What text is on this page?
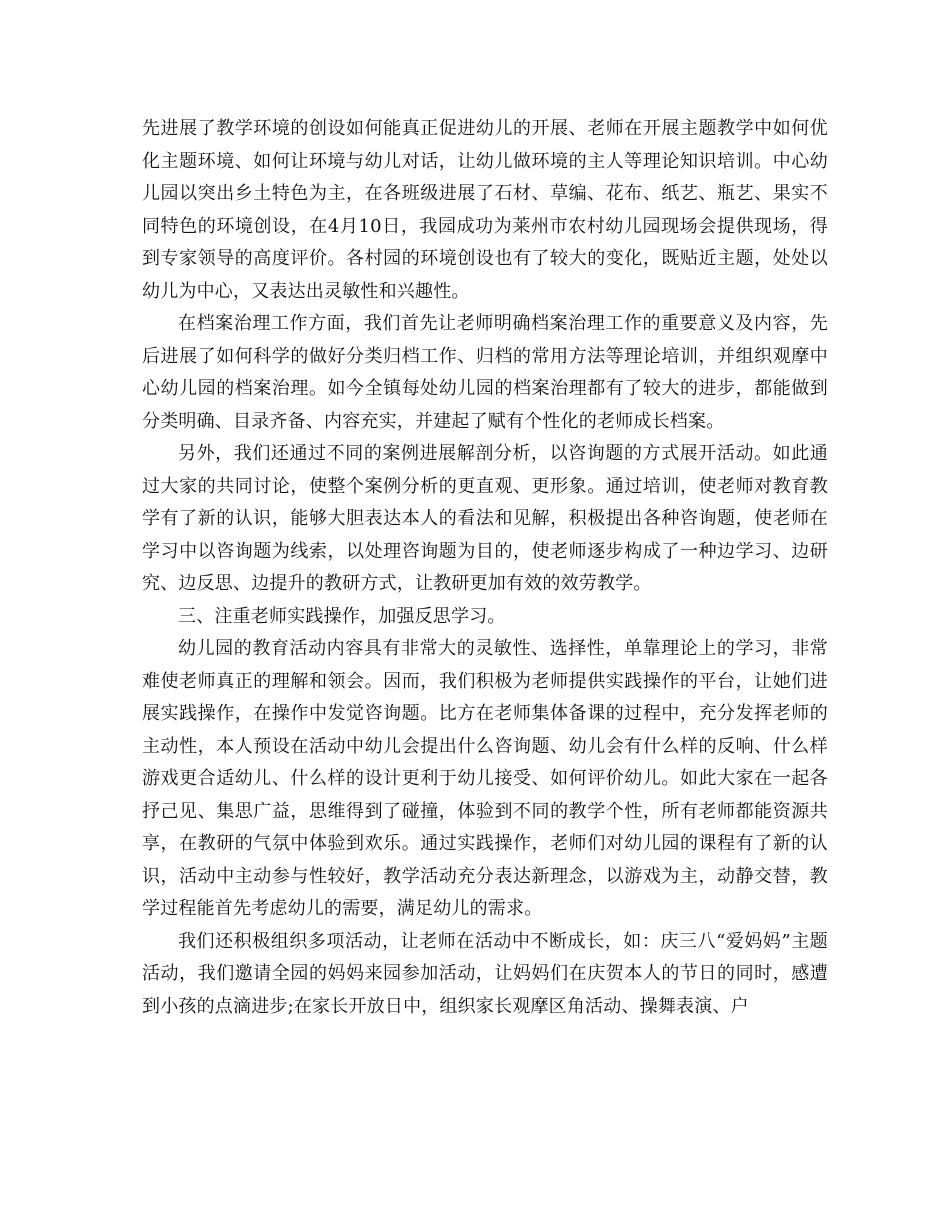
先进展了教学环境的创设如何能真正促进幼儿的开展、老师在开展主题教学中如何优化主题环境、如何让环境与幼儿对话，让幼儿做环境的主人等理论知识培训。中心幼儿园以突出乡土特色为主，在各班级进展了石材、草编、花布、纸艺、瓶艺、果实不同特色的环境创设，在4月10日，我园成功为莱州市农村幼儿园现场会提供现场，得到专家领导的高度评价。各村园的环境创设也有了较大的变化，既贴近主题，处处以幼儿为中心，又表达出灵敏性和兴趣性。

在档案治理工作方面，我们首先让老师明确档案治理工作的重要意义及内容，先后进展了如何科学的做好分类归档工作、归档的常用方法等理论培训，并组织观摩中心幼儿园的档案治理。如今全镇每处幼儿园的档案治理都有了较大的进步，都能做到分类明确、目录齐备、内容充实，并建起了赋有个性化的老师成长档案。

另外，我们还通过不同的案例进展解剖分析，以咨询题的方式展开活动。如此通过大家的共同讨论，使整个案例分析的更直观、更形象。通过培训，使老师对教育教学有了新的认识，能够大胆表达本人的看法和见解，积极提出各种咨询题，使老师在学习中以咨询题为线索，以处理咨询题为目的，使老师逐步构成了一种边学习、边研究、边反思、边提升的教研方式，让教研更加有效的效劳教学。

三、注重老师实践操作，加强反思学习。

幼儿园的教育活动内容具有非常大的灵敏性、选择性，单靠理论上的学习，非常难使老师真正的理解和领会。因而，我们积极为老师提供实践操作的平台，让她们进展实践操作，在操作中发觉咨询题。比方在老师集体备课的过程中，充分发挥老师的主动性，本人预设在活动中幼儿会提出什么咨询题、幼儿会有什么样的反响、什么样游戏更合适幼儿、什么样的设计更利于幼儿接受、如何评价幼儿。如此大家在一起各抒己见、集思广益，思维得到了碰撞，体验到不同的教学个性，所有老师都能资源共享，在教研的气氛中体验到欢乐。通过实践操作，老师们对幼儿园的课程有了新的认识，活动中主动参与性较好，教学活动充分表达新理念，以游戏为主，动静交替，教学过程能首先考虑幼儿的需要，满足幼儿的需求。

我们还积极组织多项活动，让老师在活动中不断成长，如：庆三八“爱妈妈”主题活动，我们邀请全园的妈妈来园参加活动，让妈妈们在庆贺本人的节日的同时，感遭到小孩的点滴进步;在家长开放日中，组织家长观摩区角活动、操舞表演、户
